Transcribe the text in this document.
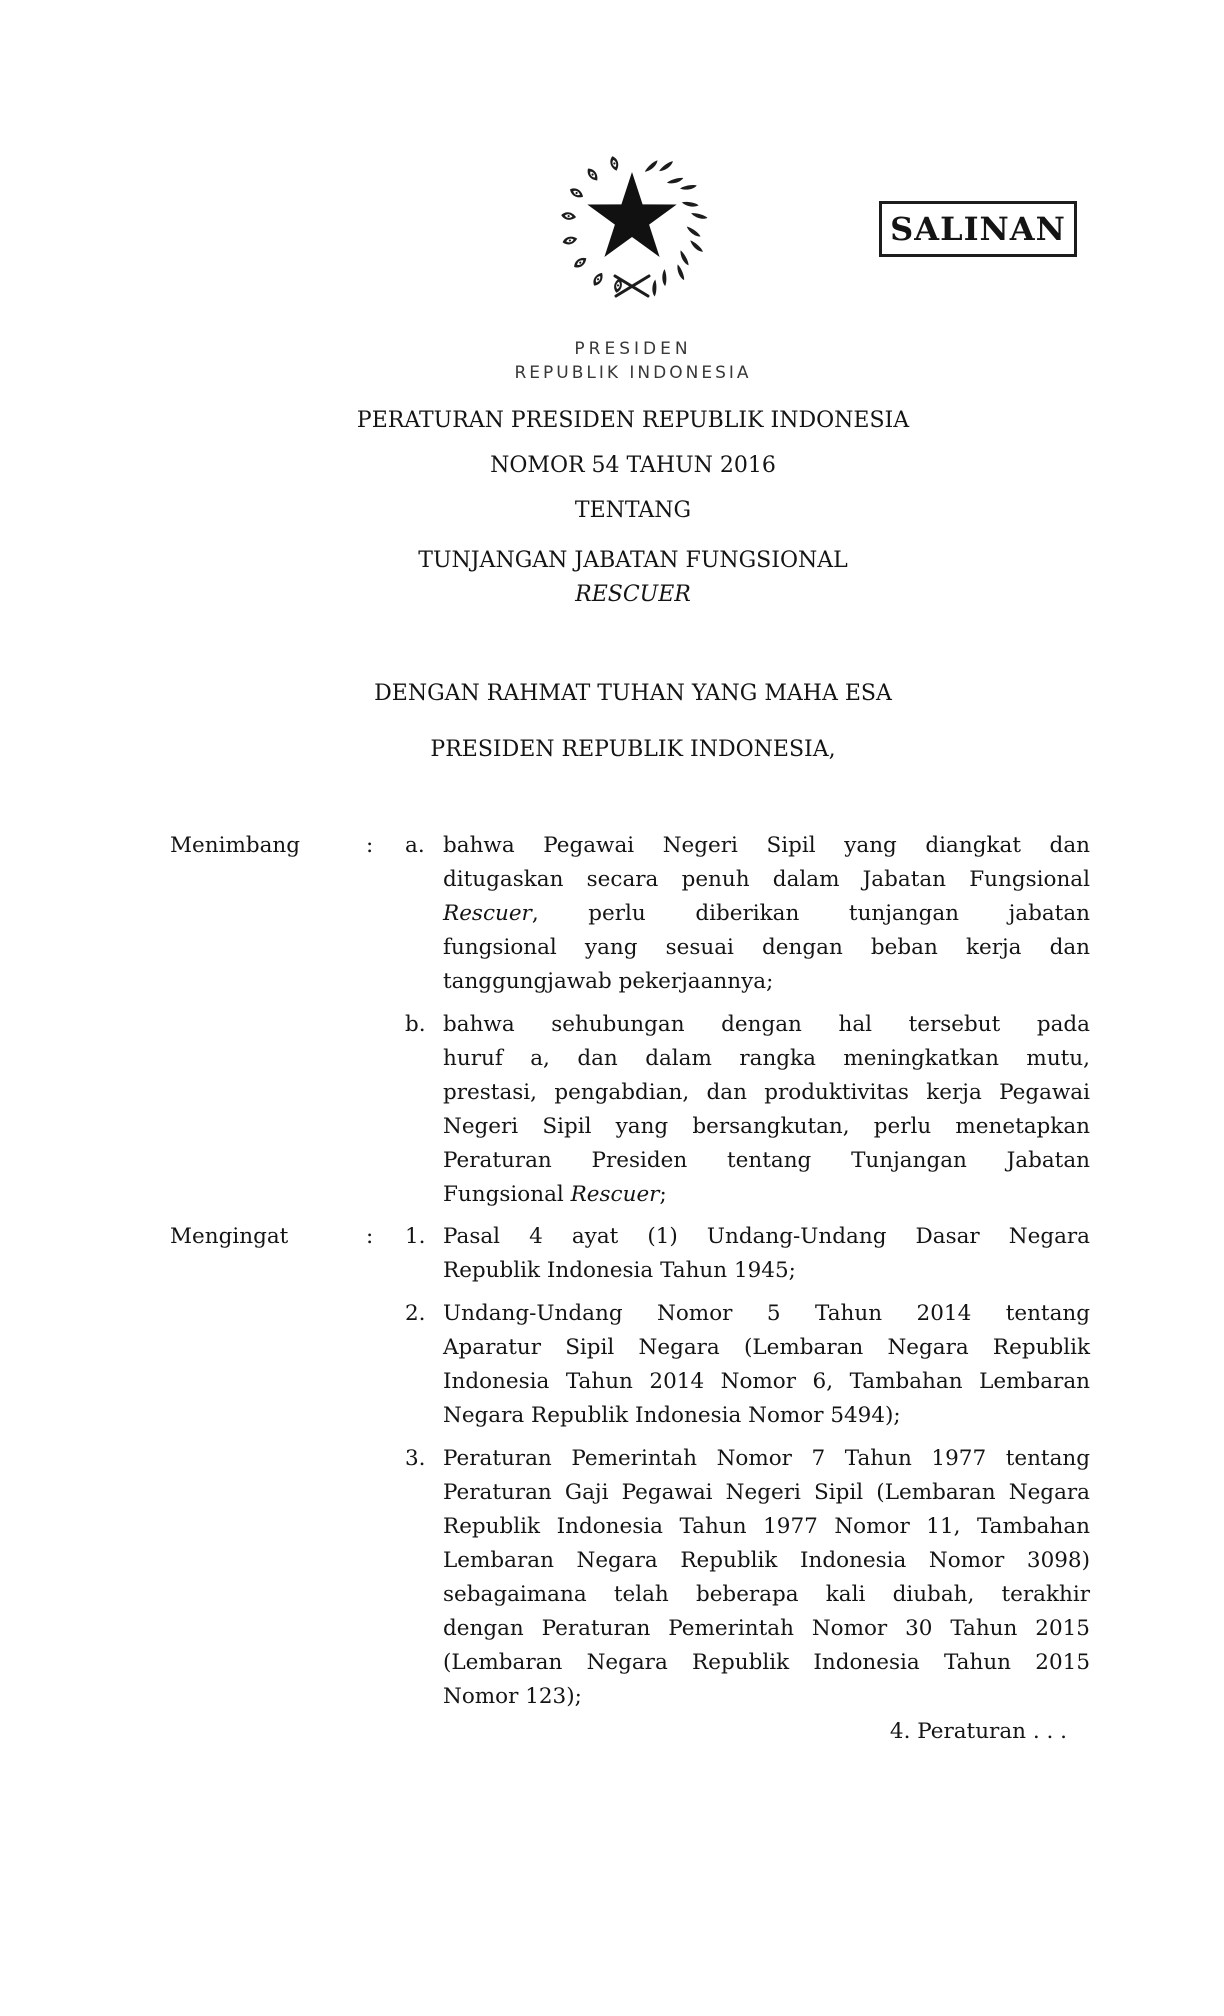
SALINAN
PRESIDEN
REPUBLIK INDONESIA
PERATURAN PRESIDEN REPUBLIK INDONESIA
NOMOR 54 TAHUN 2016
TENTANG
TUNJANGAN JABATAN FUNGSIONAL
RESCUER
DENGAN RAHMAT TUHAN YANG MAHA ESA
PRESIDEN REPUBLIK INDONESIA,
Menimbang	:	a. bahwa Pegawai Negeri Sipil yang diangkat dan
ditugaskan secara penuh dalam Jabatan Fungsional
Rescuer, perlu diberikan tunjangan jabatan
fungsional yang sesuai dengan beban kerja dan
tanggungjawab pekerjaannya;
b. bahwa sehubungan dengan hal tersebut pada
huruf a, dan dalam rangka meningkatkan mutu,
prestasi, pengabdian, dan produktivitas kerja Pegawai
Negeri Sipil yang bersangkutan, perlu menetapkan
Peraturan Presiden tentang Tunjangan Jabatan
Fungsional Rescuer;
Mengingat	:	1. Pasal 4 ayat (1) Undang-Undang Dasar Negara
Republik Indonesia Tahun 1945;
2. Undang-Undang Nomor 5 Tahun 2014 tentang
Aparatur Sipil Negara (Lembaran Negara Republik
Indonesia Tahun 2014 Nomor 6, Tambahan Lembaran
Negara Republik Indonesia Nomor 5494);
3. Peraturan Pemerintah Nomor 7 Tahun 1977 tentang
Peraturan Gaji Pegawai Negeri Sipil (Lembaran Negara
Republik Indonesia Tahun 1977 Nomor 11, Tambahan
Lembaran Negara Republik Indonesia Nomor 3098)
sebagaimana telah beberapa kali diubah, terakhir
dengan Peraturan Pemerintah Nomor 30 Tahun 2015
(Lembaran Negara Republik Indonesia Tahun 2015
Nomor 123);
4. Peraturan . . .
